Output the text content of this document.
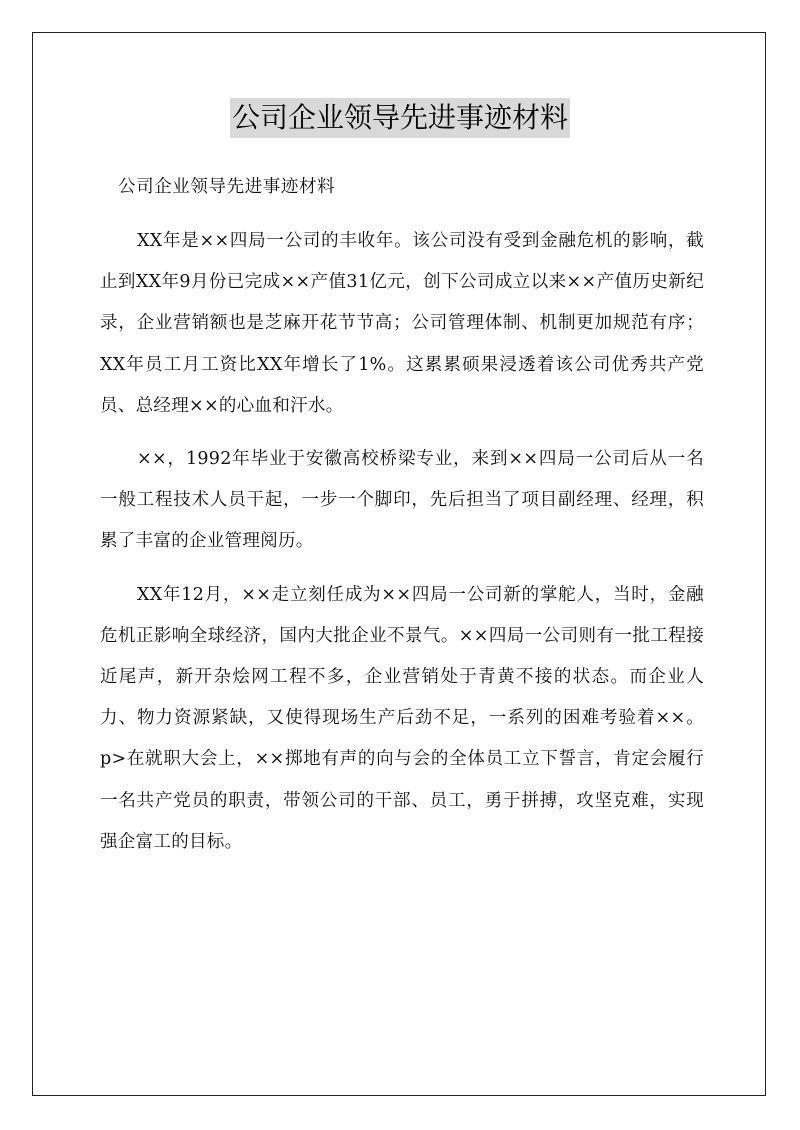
公司企业领导先进事迹材料
公司企业领导先进事迹材料

XX年是××四局一公司的丰收年。该公司没有受到金融危机的影响，截止到XX年9月份已完成××产值31亿元，创下公司成立以来××产值历史新纪录，企业营销额也是芝麻开花节节高；公司管理体制、机制更加规范有序；XX年员工月工资比XX年增长了1%。这累累硕果浸透着该公司优秀共产党员、总经理××的心血和汗水。

××，1992年毕业于安徽高校桥梁专业，来到××四局一公司后从一名一般工程技术人员干起，一步一个脚印，先后担当了项目副经理、经理，积累了丰富的企业管理阅历。

XX年12月，××走立刻任成为××四局一公司新的掌舵人，当时，金融危机正影响全球经济，国内大批企业不景气。××四局一公司则有一批工程接近尾声，新开杂烩网工程不多，企业营销处于青黄不接的状态。而企业人力、物力资源紧缺，又使得现场生产后劲不足，一系列的困难考验着××。p>在就职大会上，××掷地有声的向与会的全体员工立下誓言，肯定会履行一名共产党员的职责，带领公司的干部、员工，勇于拼搏，攻坚克难，实现强企富工的目标。
